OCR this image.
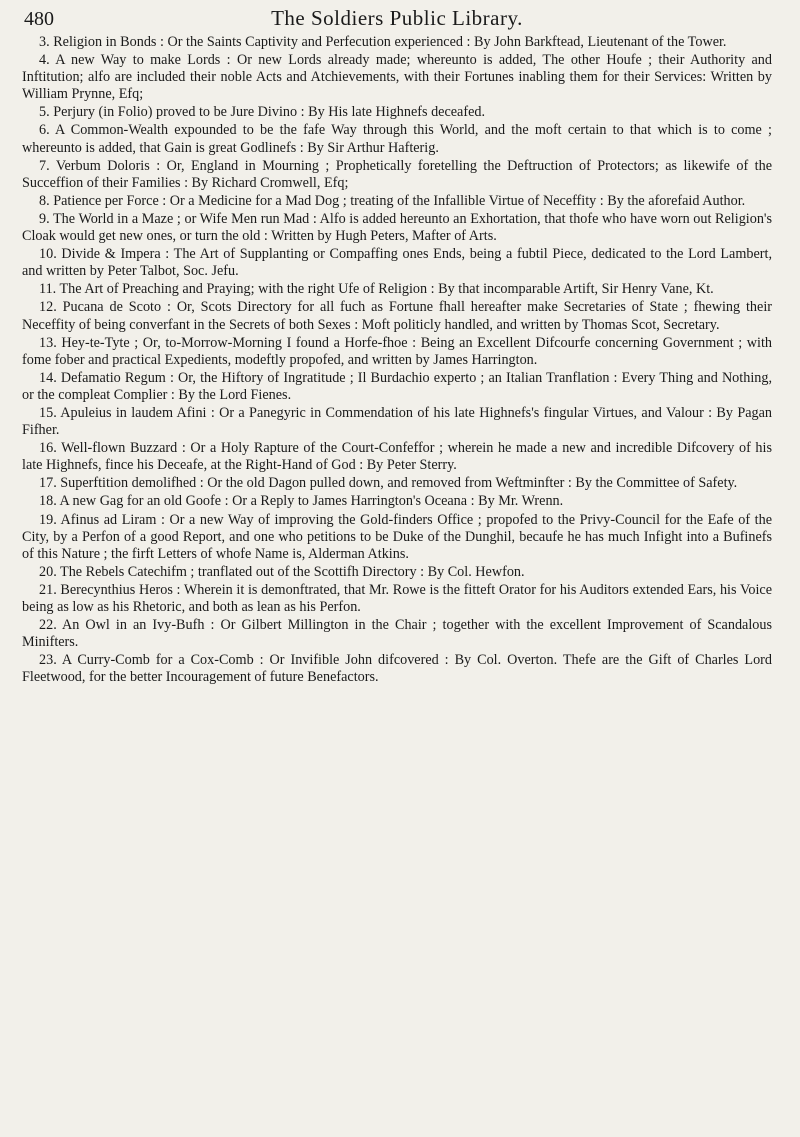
480	The Soldiers Public Library.

3. Religion in Bonds : Or the Saints Captivity and Perfecution experienced : By John Barkftead, Lieutenant of the Tower.

4. A new Way to make Lords : Or new Lords already made; whereunto is added, The other Houfe ; their Authority and Inftitution; alfo are included their noble Acts and Atchievements, with their Fortunes inabling them for their Services: Written by William Prynne, Efq;

5. Perjury (in Folio) proved to be Jure Divino : By His late Highnefs deceafed.

6. A Common-Wealth expounded to be the fafe Way through this World, and the moft certain to that which is to come ; whereunto is added, that Gain is great Godlinefs : By Sir Arthur Hafterig.

7. Verbum Doloris : Or, England in Mourning ; Prophetically foretelling the Deftruction of Protectors; as likewife of the Succeffion of their Families : By Richard Cromwell, Efq;

8. Patience per Force : Or a Medicine for a Mad Dog ; treating of the Infallible Virtue of Neceffity : By the aforefaid Author.

9. The World in a Maze ; or Wife Men run Mad : Alfo is added hereunto an Exhortation, that thofe who have worn out Religion's Cloak would get new ones, or turn the old : Written by Hugh Peters, Mafter of Arts.

10. Divide & Impera : The Art of Supplanting or Compaffing ones Ends, being a fubtil Piece, dedicated to the Lord Lambert, and written by Peter Talbot, Soc. Jefu.

11. The Art of Preaching and Praying; with the right Ufe of Religion : By that incomparable Artift, Sir Henry Vane, Kt.

12. Pucana de Scoto : Or, Scots Directory for all fuch as Fortune fhall hereafter make Secretaries of State ; fhewing their Neceffity of being converfant in the Secrets of both Sexes : Moft politicly handled, and written by Thomas Scot, Secretary.

13. Hey-te-Tyte ; Or, to-Morrow-Morning I found a Horfe-fhoe : Being an Excellent Difcourfe concerning Government ; with fome fober and practical Expedients, modeftly propofed, and written by James Harrington.

14. Defamatio Regum : Or, the Hiftory of Ingratitude ; Il Burdachio experto ; an Italian Tranflation : Every Thing and Nothing, or the compleat Complier : By the Lord Fienes.

15. Apuleius in laudem Afini : Or a Panegyric in Commendation of his late Highnefs's fingular Virtues, and Valour : By Pagan Fifher.

16. Well-flown Buzzard : Or a Holy Rapture of the Court-Confeffor ; wherein he made a new and incredible Difcovery of his late Highnefs, fince his Deceafe, at the Right-Hand of God : By Peter Sterry.

17. Superftition demolifhed : Or the old Dagon pulled down, and removed from Weftminfter : By the Committee of Safety.

18. A new Gag for an old Goofe : Or a Reply to James Harrington's Oceana : By Mr. Wrenn.

19. Afinus ad Liram : Or a new Way of improving the Gold-finders Office ; propofed to the Privy-Council for the Eafe of the City, by a Perfon of a good Report, and one who petitions to be Duke of the Dunghil, becaufe he has much Infight into a Bufinefs of this Nature ; the firft Letters of whofe Name is, Alderman Atkins.

20. The Rebels Catechifm ; tranflated out of the Scottifh Directory : By Col. Hewfon.

21. Berecynthius Heros : Wherein it is demonftrated, that Mr. Rowe is the fitteft Orator for his Auditors extended Ears, his Voice being as low as his Rhetoric, and both as lean as his Perfon.

22. An Owl in an Ivy-Bufh : Or Gilbert Millington in the Chair ; together with the excellent Improvement of Scandalous Minifters.

23. A Curry-Comb for a Cox-Comb : Or Invifible John difcovered : By Col. Overton. Thefe are the Gift of Charles Lord Fleetwood, for the better Incouragement of future Benefactors.
